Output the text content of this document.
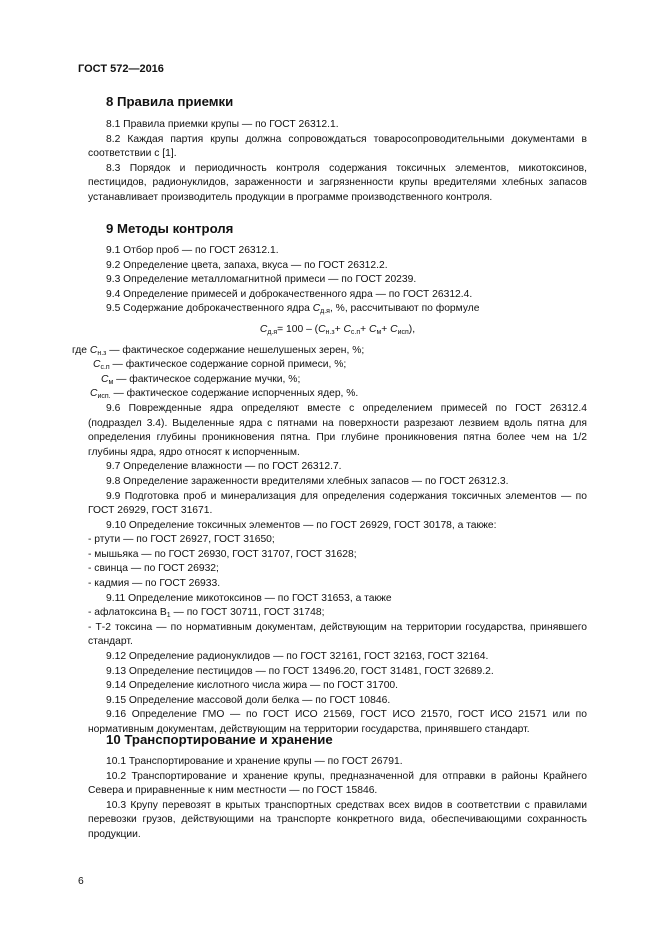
ГОСТ 572—2016
8 Правила приемки

8.1 Правила приемки крупы — по ГОСТ 26312.1.

8.2 Каждая партия крупы должна сопровождаться товаросопроводительными документами в соответствии с [1].

8.3 Порядок и периодичность контроля содержания токсичных элементов, микотоксинов, пестицидов, радионуклидов, зараженности и загрязненности крупы вредителями хлебных запасов устанавливает производитель продукции в программе производственного контроля.

9 Методы контроля

9.1 Отбор проб — по ГОСТ 26312.1.

9.2 Определение цвета, запаха, вкуса — по ГОСТ 26312.2.

9.3 Определение металломагнитной примеси — по ГОСТ 20239.

9.4 Определение примесей и доброкачественного ядра — по ГОСТ 26312.4.

9.5 Содержание доброкачественного ядра $С_{д.я}$, %, рассчитывают по формуле

$С_{д.я}= 100 - (С_{н.з}+ С_{с.п}+ С_м+ С_{исп})$,

где $С_{н.з}$ — фактическое содержание нешелушеных зерен, %;

$С_{с.п}$ — фактическое содержание сорной примеси, %;

$С_м$ — фактическое содержание мучки, %;

$С_{исп.}$ — фактическое содержание испорченных ядер, %.

9.6 Поврежденные ядра определяют вместе с определением примесей по ГОСТ 26312.4 (подраздел 3.4). Выделенные ядра с пятнами на поверхности разрезают лезвием вдоль пятна для определения глубины проникновения пятна. При глубине проникновения пятна более чем на 1/2 глубины ядра, ядро относят к испорченным.

9.7 Определение влажности — по ГОСТ 26312.7.

9.8 Определение зараженности вредителями хлебных запасов — по ГОСТ 26312.3.

9.9 Подготовка проб и минерализация для определения содержания токсичных элементов — по ГОСТ 26929, ГОСТ 31671.

9.10 Определение токсичных элементов — по ГОСТ 26929, ГОСТ 30178, а также:

- ртути — по ГОСТ 26927, ГОСТ 31650;

- мышьяка — по ГОСТ 26930, ГОСТ 31707, ГОСТ 31628;

- свинца — по ГОСТ 26932;

- кадмия — по ГОСТ 26933.

9.11 Определение микотоксинов — по ГОСТ 31653, а также

- афлатоксина $В_1$ — по ГОСТ 30711, ГОСТ 31748;

- Т-2 токсина — по нормативным документам, действующим на территории государства, принявшего стандарт.

9.12 Определение радионуклидов — по ГОСТ 32161, ГОСТ 32163, ГОСТ 32164.

9.13 Определение пестицидов — по ГОСТ 13496.20, ГОСТ 31481, ГОСТ 32689.2.

9.14 Определение кислотного числа жира — по ГОСТ 31700.

9.15 Определение массовой доли белка — по ГОСТ 10846.

9.16 Определение ГМО — по ГОСТ ИСО 21569, ГОСТ ИСО 21570, ГОСТ ИСО 21571 или по нормативным документам, действующим на территории государства, принявшего стандарт.

10 Транспортирование и хранение

10.1 Транспортирование и хранение крупы — по ГОСТ 26791.

10.2 Транспортирование и хранение крупы, предназначенной для отправки в районы Крайнего Севера и приравненные к ним местности — по ГОСТ 15846.

10.3 Крупу перевозят в крытых транспортных средствах всех видов в соответствии с правилами перевозки грузов, действующими на транспорте конкретного вида, обеспечивающими сохранность продукции.

6
